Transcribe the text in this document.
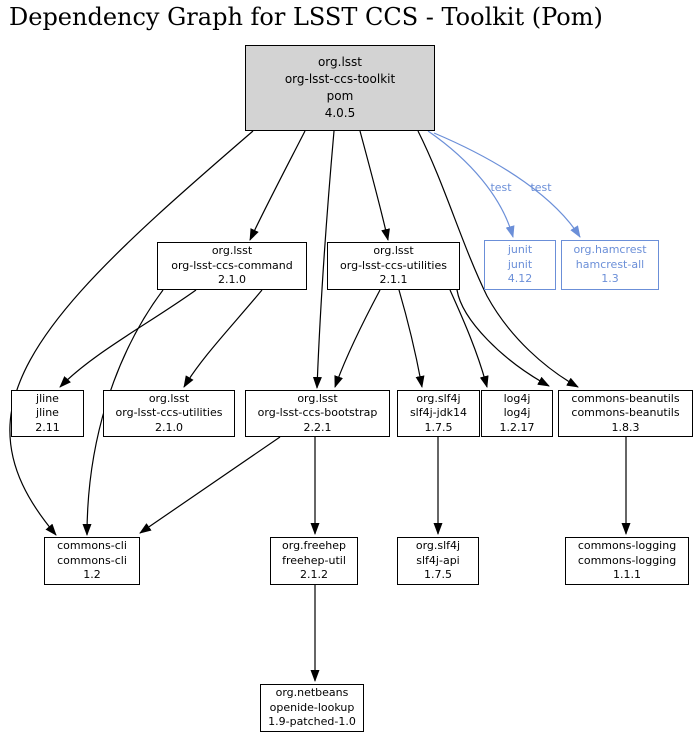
Dependency Graph for LSST CCS - Toolkit (Pom)
test test
org.lsst
org-lsst-ccs-toolkit
pom
4.0.5
org.lsst
org-lsst-ccs-command
2.1.0
org.lsst
org-lsst-ccs-utilities
2.1.1
junit
junit
4.12
org.hamcrest
hamcrest-all
1.3
jline
jline
2.11
org.lsst
org-lsst-ccs-utilities
2.1.0
org.lsst
org-lsst-ccs-bootstrap
2.2.1
org.slf4j
slf4j-jdk14
1.7.5
log4j
log4j
1.2.17
commons-beanutils
commons-beanutils
1.8.3
commons-cli
commons-cli
1.2
org.freehep
freehep-util
2.1.2
org.slf4j
slf4j-api
1.7.5
commons-logging
commons-logging
1.1.1
org.netbeans
openide-lookup
1.9-patched-1.0
